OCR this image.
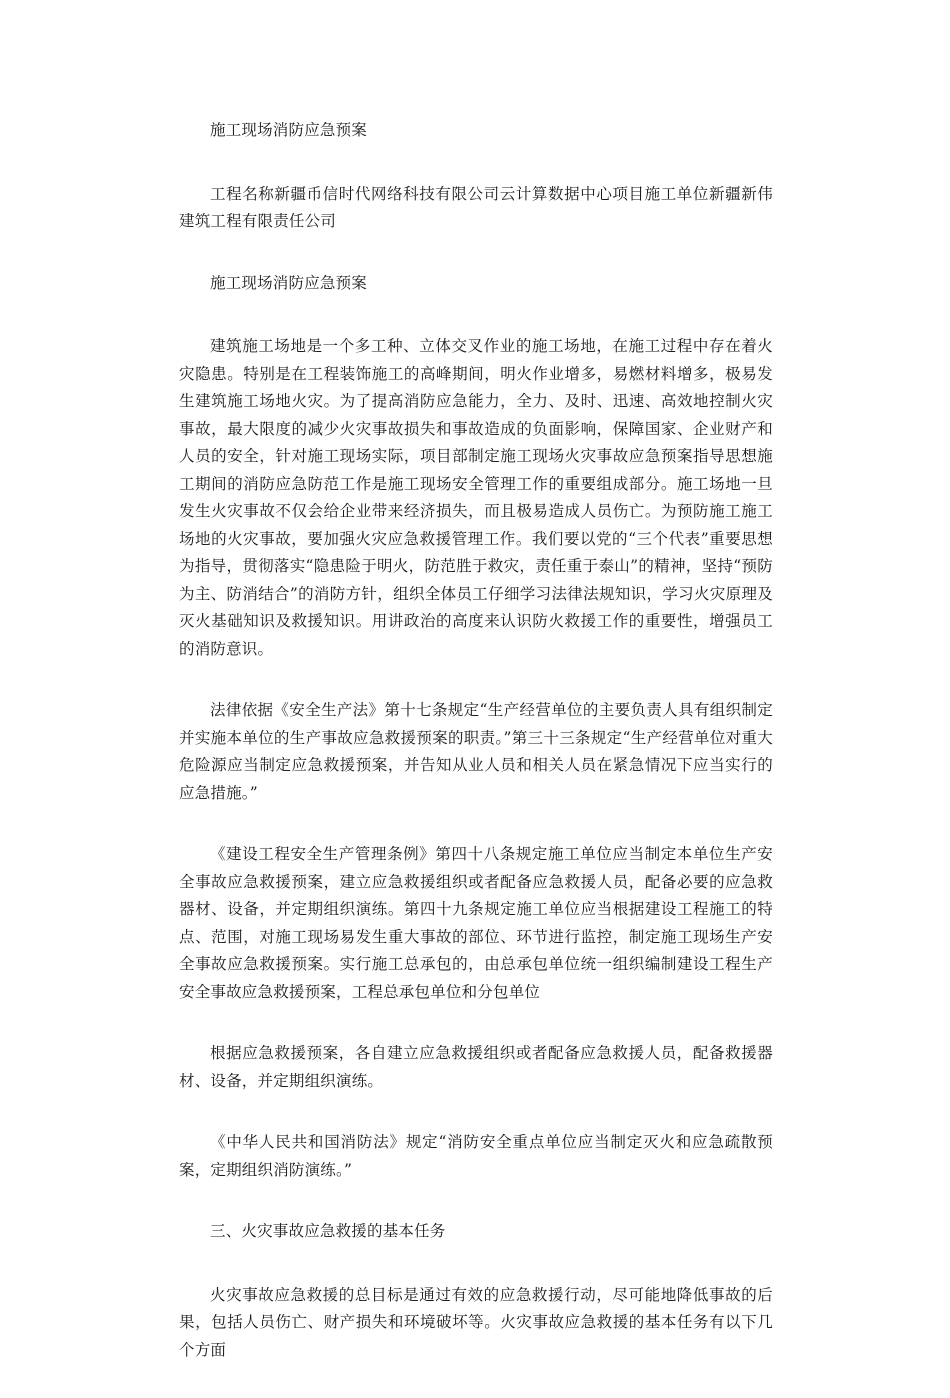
施工现场消防应急预案

工程名称新疆币信时代网络科技有限公司云计算数据中心项目施工单位新疆新伟建筑工程有限责任公司

施工现场消防应急预案

建筑施工场地是一个多工种、立体交叉作业的施工场地，在施工过程中存在着火灾隐患。特别是在工程装饰施工的高峰期间，明火作业增多，易燃材料增多，极易发生建筑施工场地火灾。为了提高消防应急能力，全力、及时、迅速、高效地控制火灾事故，最大限度的减少火灾事故损失和事故造成的负面影响，保障国家、企业财产和人员的安全，针对施工现场实际，项目部制定施工现场火灾事故应急预案指导思想施工期间的消防应急防范工作是施工现场安全管理工作的重要组成部分。施工场地一旦发生火灾事故不仅会给企业带来经济损失，而且极易造成人员伤亡。为预防施工施工场地的火灾事故，要加强火灾应急救援管理工作。我们要以党的“三个代表”重要思想为指导，贯彻落实“隐患险于明火，防范胜于救灾，责任重于泰山”的精神，坚持“预防为主、防消结合”的消防方针，组织全体员工仔细学习法律法规知识，学习火灾原理及灭火基础知识及救援知识。用讲政治的高度来认识防火救援工作的重要性，增强员工的消防意识。

法律依据《安全生产法》第十七条规定“生产经营单位的主要负责人具有组织制定并实施本单位的生产事故应急救援预案的职责。”第三十三条规定“生产经营单位对重大危险源应当制定应急救援预案，并告知从业人员和相关人员在紧急情况下应当实行的应急措施。”

《建设工程安全生产管理条例》第四十八条规定施工单位应当制定本单位生产安全事故应急救援预案，建立应急救援组织或者配备应急救援人员，配备必要的应急救器材、设备，并定期组织演练。第四十九条规定施工单位应当根据建设工程施工的特点、范围，对施工现场易发生重大事故的部位、环节进行监控，制定施工现场生产安全事故应急救援预案。实行施工总承包的，由总承包单位统一组织编制建设工程生产安全事故应急救援预案，工程总承包单位和分包单位

根据应急救援预案，各自建立应急救援组织或者配备应急救援人员，配备救援器材、设备，并定期组织演练。

《中华人民共和国消防法》规定“消防安全重点单位应当制定灭火和应急疏散预案，定期组织消防演练。”

三、火灾事故应急救援的基本任务

火灾事故应急救援的总目标是通过有效的应急救援行动，尽可能地降低事故的后果，包括人员伤亡、财产损失和环境破坏等。火灾事故应急救援的基本任务有以下几个方面
